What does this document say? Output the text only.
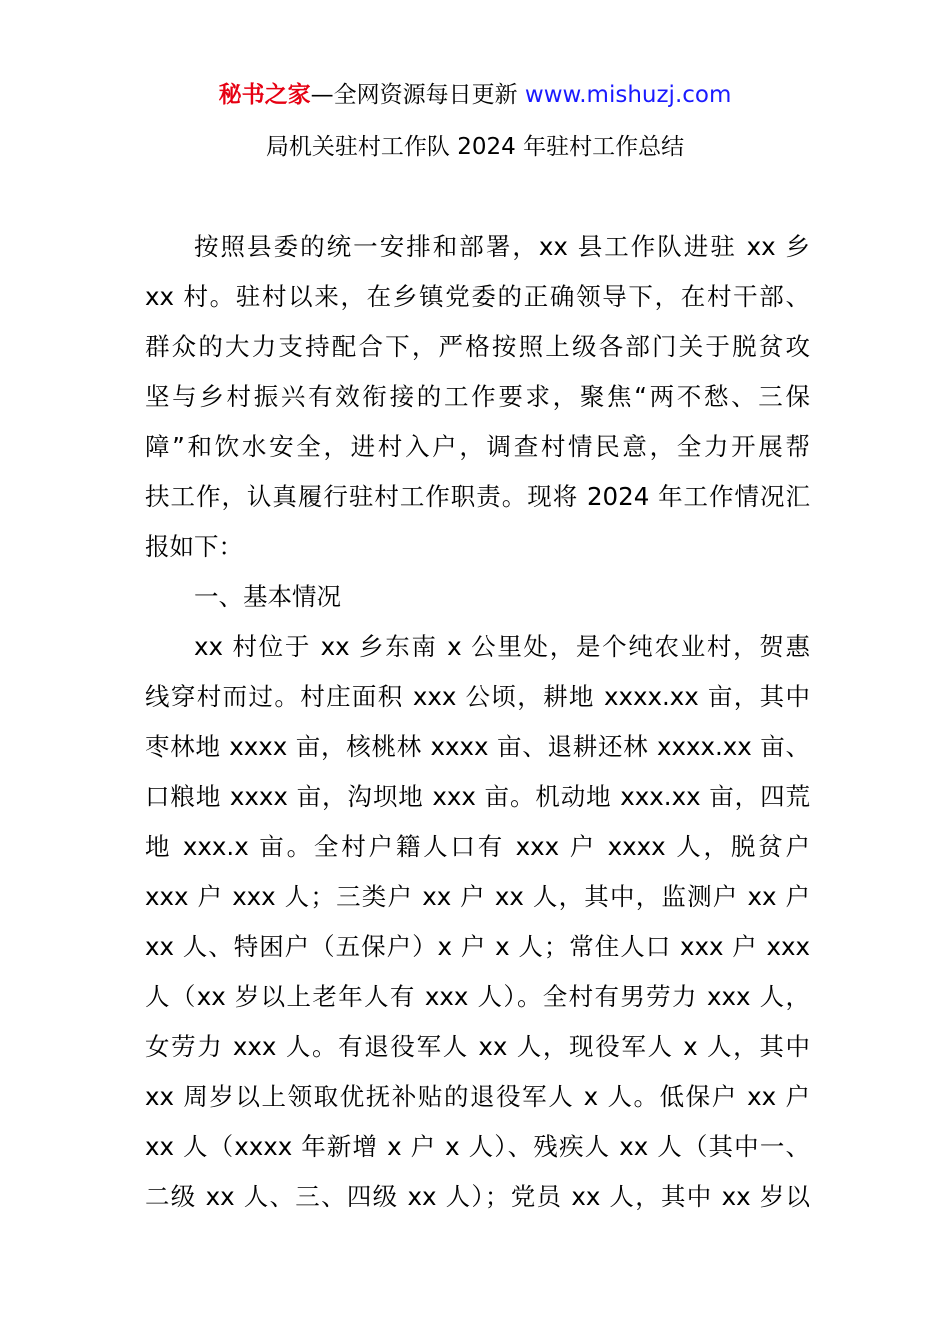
秘书之家—全网资源每日更新 www.mishuzj.com
局机关驻村工作队 2024 年驻村工作总结
按照县委的统一安排和部署，xx 县工作队进驻 xx 乡
xx 村。驻村以来，在乡镇党委的正确领导下，在村干部、
群众的大力支持配合下，严格按照上级各部门关于脱贫攻
坚与乡村振兴有效衔接的工作要求，聚焦“两不愁、三保
障”和饮水安全，进村入户，调查村情民意，全力开展帮
扶工作，认真履行驻村工作职责。现将 2024 年工作情况汇
报如下：
一、基本情况
xx 村位于 xx 乡东南 x 公里处，是个纯农业村，贺惠
线穿村而过。村庄面积 xxx 公顷，耕地 xxxx.xx 亩，其中
枣林地 xxxx 亩，核桃林 xxxx 亩、退耕还林 xxxx.xx 亩、
口粮地 xxxx 亩，沟坝地 xxx 亩。机动地 xxx.xx 亩，四荒
地 xxx.x 亩。全村户籍人口有 xxx 户 xxxx 人，脱贫户
xxx 户 xxx 人；三类户 xx 户 xx 人，其中，监测户 xx 户
xx 人、特困户（五保户）x 户 x 人；常住人口 xxx 户 xxx
人（xx 岁以上老年人有 xxx 人）。全村有男劳力 xxx 人，
女劳力 xxx 人。有退役军人 xx 人，现役军人 x 人，其中
xx 周岁以上领取优抚补贴的退役军人 x 人。低保户 xx 户
xx 人（xxxx 年新增 x 户 x 人）、残疾人 xx 人（其中一、
二级 xx 人、三、四级 xx 人）；党员 xx 人，其中 xx 岁以
